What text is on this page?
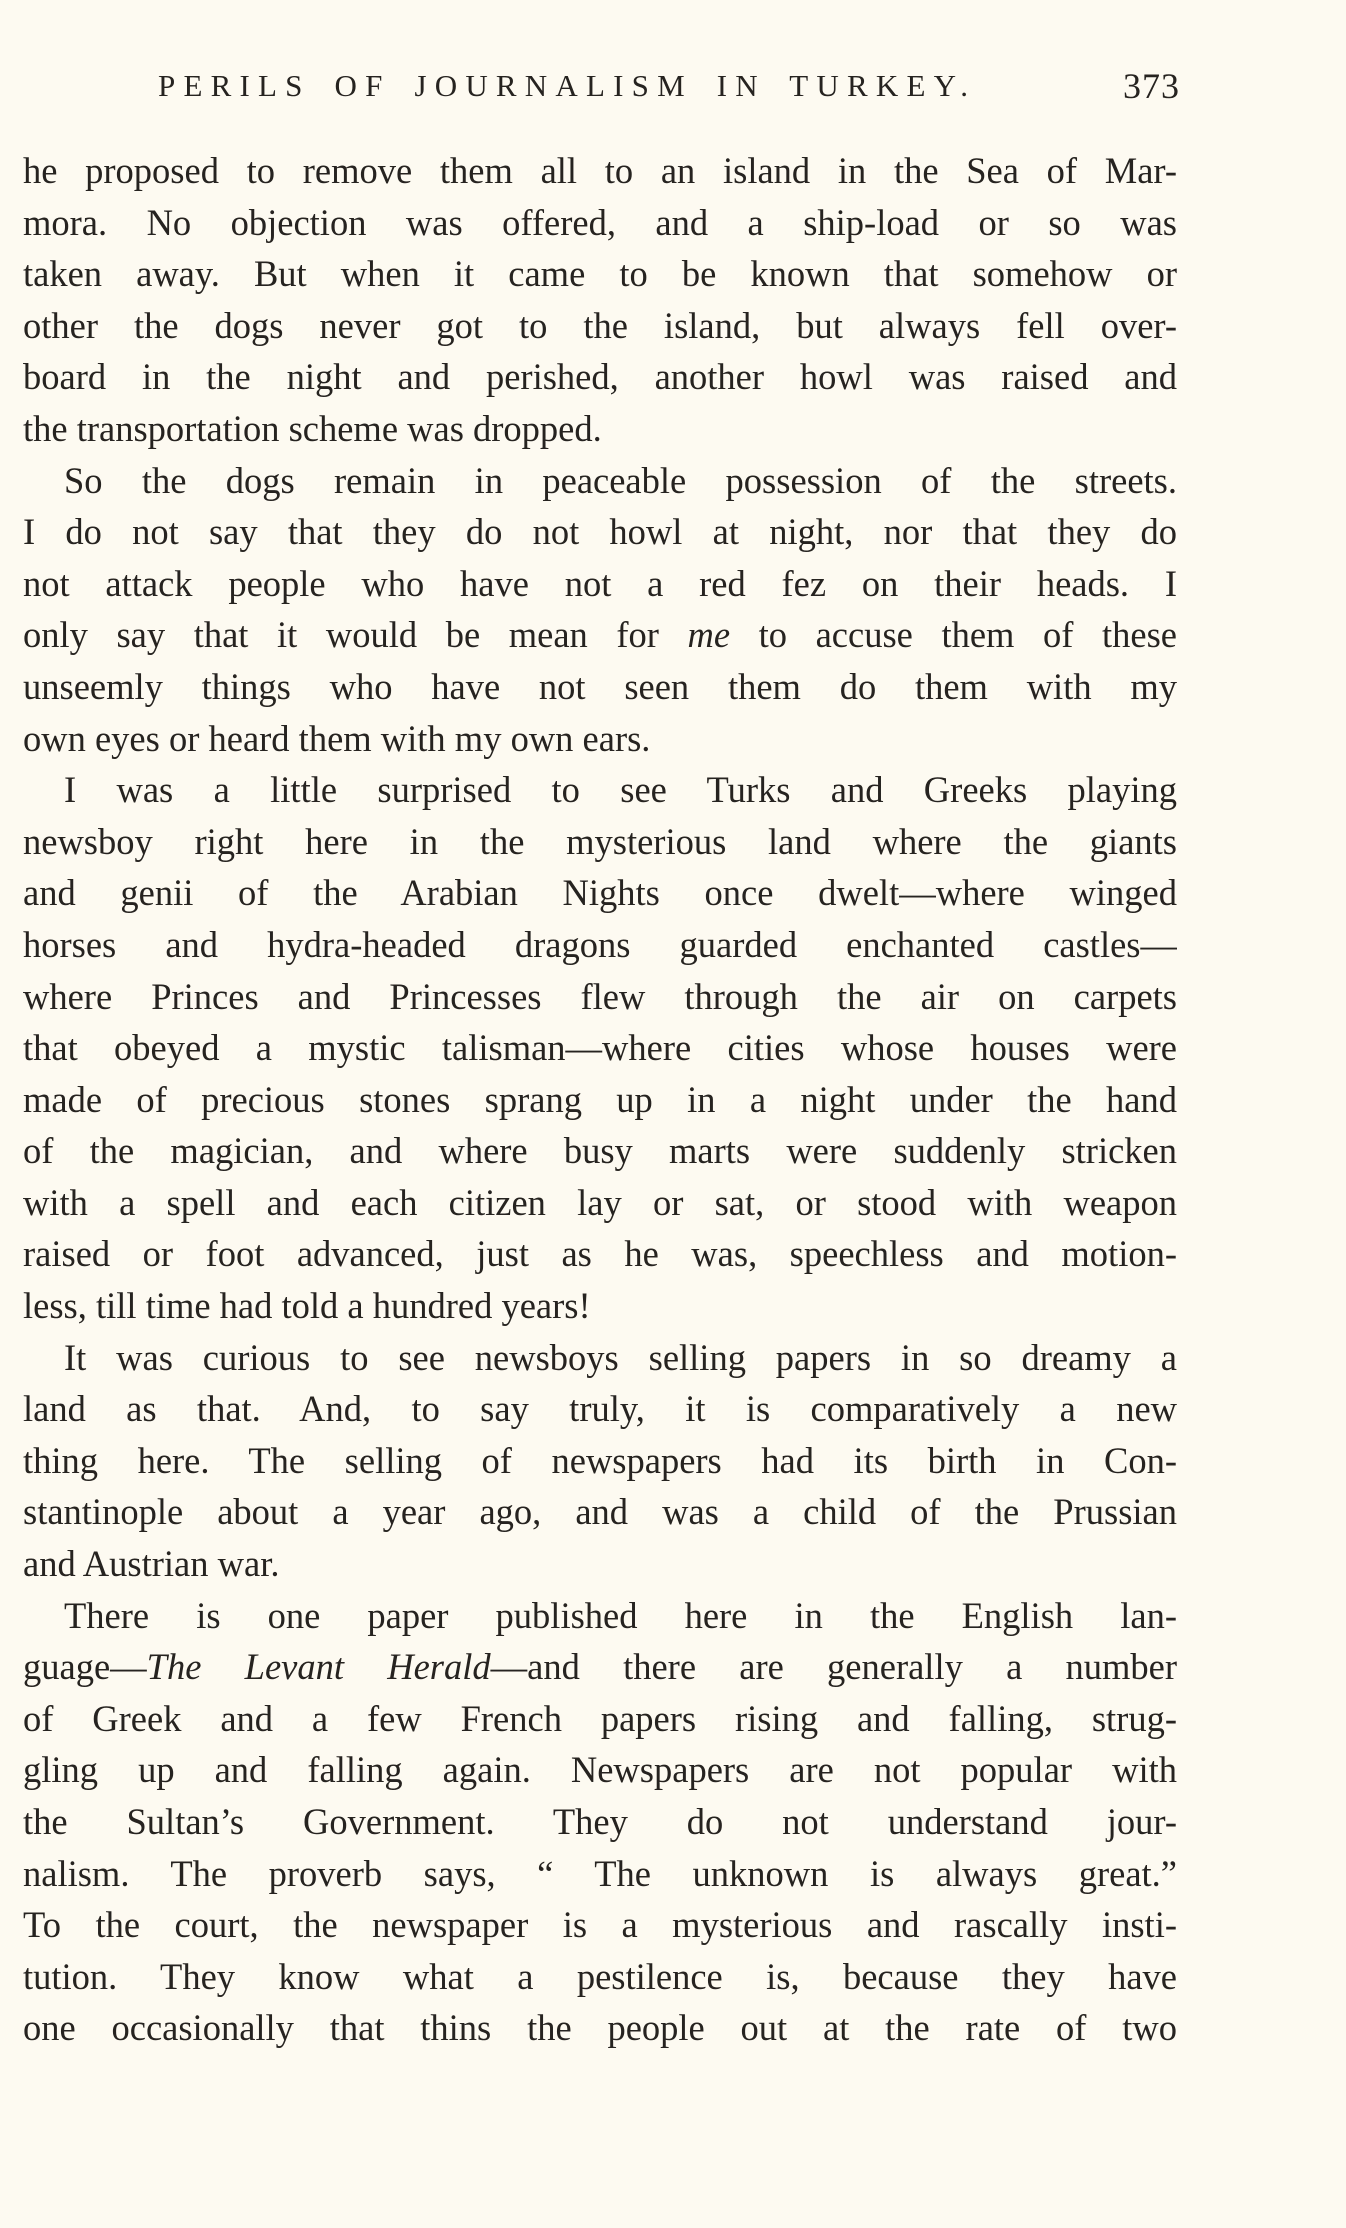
PERILS OF JOURNALISM IN TURKEY.	373
he proposed to remove them all to an island in the Sea of Mar-
mora. No objection was offered, and a ship-load or so was
taken away. But when it came to be known that somehow or
other the dogs never got to the island, but always fell over-
board in the night and perished, another howl was raised and
the transportation scheme was dropped.
So the dogs remain in peaceable possession of the streets.
I do not say that they do not howl at night, nor that they do
not attack people who have not a red fez on their heads. I
only say that it would be mean for me to accuse them of these
unseemly things who have not seen them do them with my
own eyes or heard them with my own ears.
I was a little surprised to see Turks and Greeks playing
newsboy right here in the mysterious land where the giants
and genii of the Arabian Nights once dwelt—where winged
horses and hydra-headed dragons guarded enchanted castles—
where Princes and Princesses flew through the air on carpets
that obeyed a mystic talisman—where cities whose houses were
made of precious stones sprang up in a night under the hand
of the magician, and where busy marts were suddenly stricken
with a spell and each citizen lay or sat, or stood with weapon
raised or foot advanced, just as he was, speechless and motion-
less, till time had told a hundred years!
It was curious to see newsboys selling papers in so dreamy a
land as that. And, to say truly, it is comparatively a new
thing here. The selling of newspapers had its birth in Con-
stantinople about a year ago, and was a child of the Prussian
and Austrian war.
There is one paper published here in the English lan-
guage—The Levant Herald—and there are generally a number
of Greek and a few French papers rising and falling, strug-
gling up and falling again. Newspapers are not popular with
the Sultan’s Government. They do not understand jour-
nalism. The proverb says, “ The unknown is always great.”
To the court, the newspaper is a mysterious and rascally insti-
tution. They know what a pestilence is, because they have
one occasionally that thins the people out at the rate of two
